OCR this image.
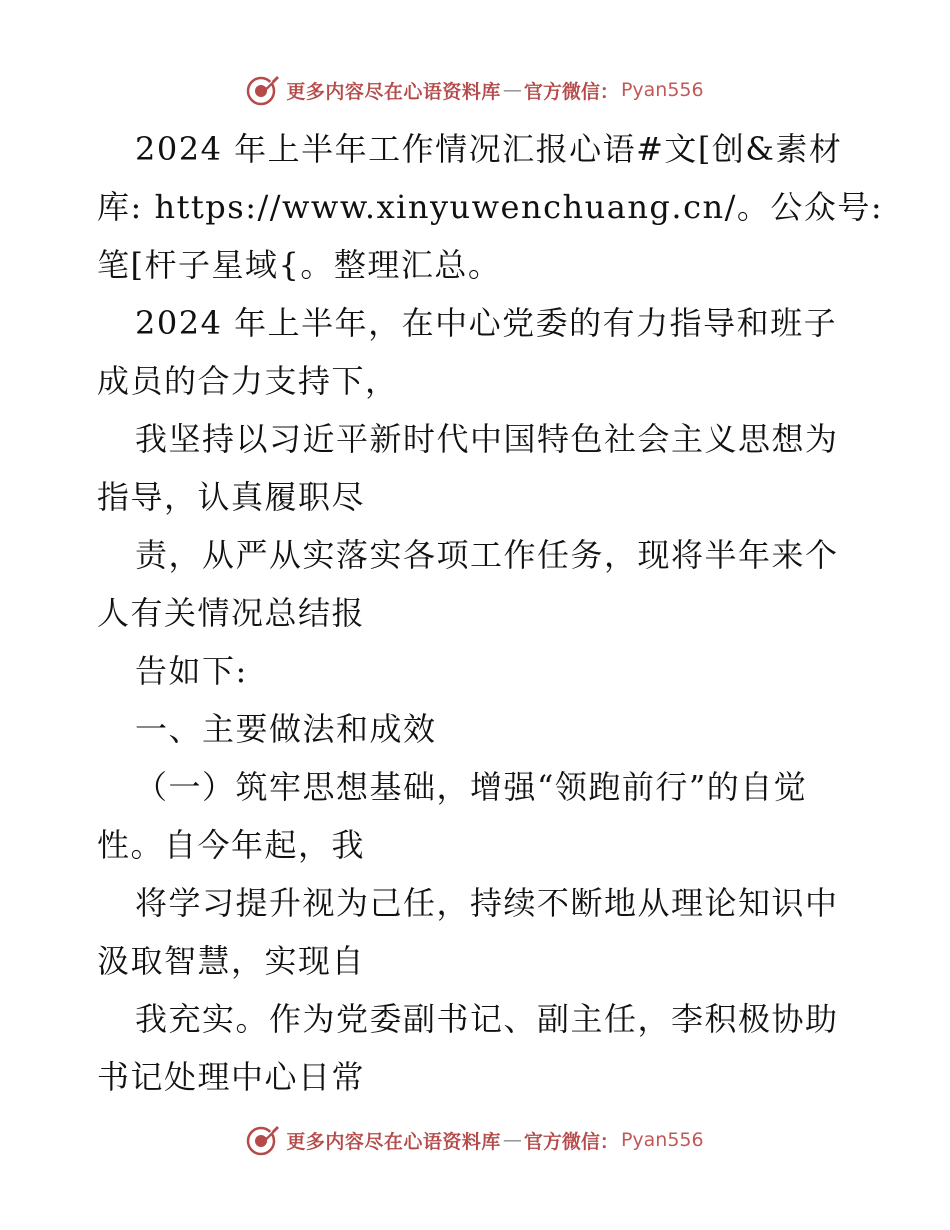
更多内容尽在心语资料库 — 官方微信： Pyan556
2024 年上半年工作情况汇报心语#文[创&素材
库: https://www.xinyuwenchuang.cn/。公众号:
笔[杆子星域{。整理汇总。
2024 年上半年，在中心党委的有力指导和班子
成员的合力支持下，
我坚持以习近平新时代中国特色社会主义思想为
指导，认真履职尽
责，从严从实落实各项工作任务，现将半年来个
人有关情况总结报
告如下:
一、主要做法和成效
（一）筑牢思想基础，增强“领跑前行”的自觉
性。自今年起，我
将学习提升视为己任，持续不断地从理论知识中
汲取智慧，实现自
我充实。作为党委副书记、副主任，李积极协助
书记处理中心日常
更多内容尽在心语资料库 — 官方微信： Pyan556
